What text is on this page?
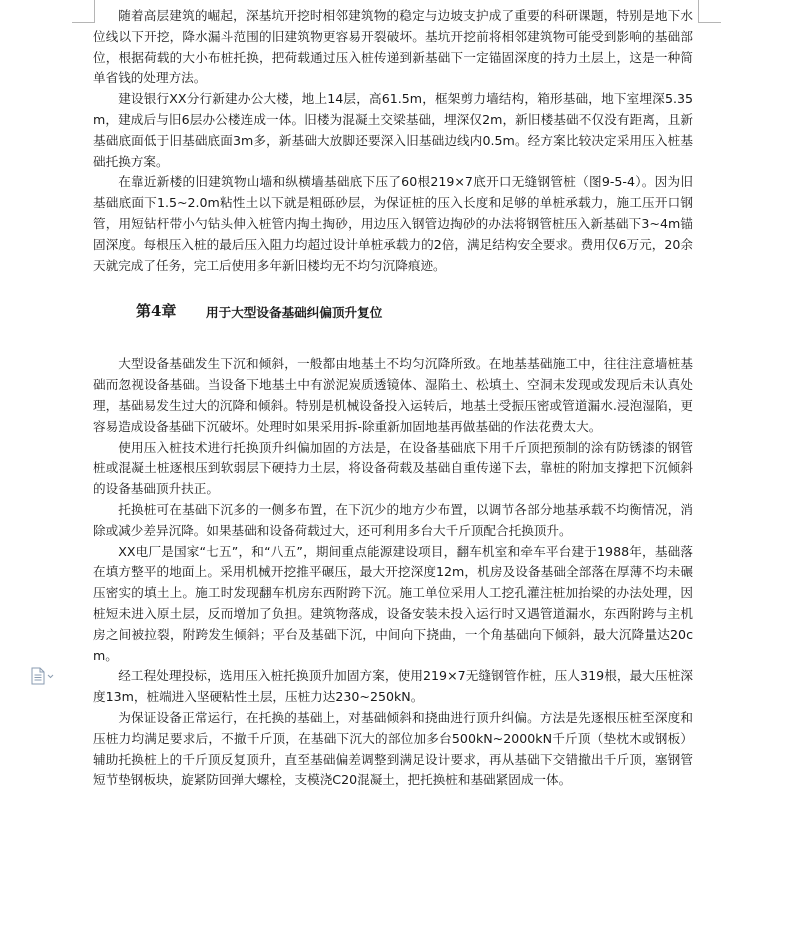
随着高层建筑的崛起，深基坑开挖时相邻建筑物的稳定与边坡支护成了重要的科研课题，特别是地下水位线以下开挖，降水漏斗范围的旧建筑物更容易开裂破坏。基坑开挖前将相邻建筑物可能受到影响的基础部位，根据荷载的大小布桩托换，把荷载通过压入桩传递到新基础下一定锚固深度的持力土层上，这是一种简单省钱的处理方法。

建设银行XX分行新建办公大楼，地上14层，高61.5m，框架剪力墙结构，箱形基础，地下室埋深5.35m，建成后与旧6层办公楼连成一体。旧楼为混凝土交梁基础，埋深仅2m，新旧楼基础不仅没有距离，且新基础底面低于旧基础底面3m多，新基础大放脚还要深入旧基础边线内0.5m。经方案比较决定采用压入桩基础托换方案。

在靠近新楼的旧建筑物山墙和纵横墙基础底下压了60根219×7底开口无缝钢管桩（图9-5-4）。因为旧基础底面下1.5~2.0m粘性土以下就是粗砾砂层，为保证桩的压入长度和足够的单桩承载力，施工压开口钢管，用短钻杆带小勺钻头伸入桩管内掏土掏砂，用边压入钢管边掏砂的办法将钢管桩压入新基础下3~4m锚固深度。每根压入桩的最后压入阻力均超过设计单桩承载力的2倍，满足结构安全要求。费用仅6万元，20余天就完成了任务，完工后使用多年新旧楼均无不均匀沉降痕迹。

第4章 用于大型设备基础纠偏顶升复位

大型设备基础发生下沉和倾斜，一般都由地基土不均匀沉降所致。在地基基础施工中，往往注意墙桩基础而忽视设备基础。当设备下地基土中有淤泥炭质透镜体、湿陷土、松填土、空洞未发现或发现后未认真处理，基础易发生过大的沉降和倾斜。特别是机械设备投入运转后，地基土受振压密或管道漏水.浸泡湿陷，更容易造成设备基础下沉破坏。处理时如果采用拆-除重新加固地基再做基础的作法花费太大。

使用压入桩技术进行托换顶升纠偏加固的方法是，在设备基础底下用千斤顶把预制的涂有防锈漆的钢管桩或混凝土桩逐根压到软弱层下硬持力土层，将设备荷载及基础自重传递下去，靠桩的附加支撑把下沉倾斜的设备基础顶升扶正。

托换桩可在基础下沉多的一侧多布置，在下沉少的地方少布置，以调节各部分地基承载不均衡情况，消除或减少差异沉降。如果基础和设备荷载过大，还可利用多台大千斤顶配合托换顶升。

XX电厂是国家“七五”，和“八五”，期间重点能源建设项目，翻车机室和牵车平台建于1988年，基础落在填方整平的地面上。采用机械开挖推平碾压，最大开挖深度12m，机房及设备基础全部落在厚薄不均未碾压密实的填土上。施工时发现翻车机房东西附跨下沉。施工单位采用人工挖孔灌注桩加抬梁的办法处理，因桩短未进入原土层，反而增加了负担。建筑物落成，设备安装未投入运行时又遇管道漏水，东西附跨与主机房之间被拉裂，附跨发生倾斜；平台及基础下沉，中间向下挠曲，一个角基础向下倾斜，最大沉降量达20cm。

经工程处理投标，选用压入桩托换顶升加固方案，使用219×7无缝钢管作桩，压人319根，最大压桩深度13m，桩端进入坚硬粘性土层，压桩力达230~250kN。

为保证设备正常运行，在托换的基础上，对基础倾斜和挠曲进行顶升纠偏。方法是先逐根压桩至深度和压桩力均满足要求后，不撤千斤顶，在基础下沉大的部位加多台500kN~2000kN千斤顶（垫枕木或钢板）辅助托换桩上的千斤顶反复顶升，直至基础偏差调整到满足设计要求，再从基础下交错撤出千斤顶，塞钢管短节垫钢板块，旋紧防回弹大螺栓，支模浇C20混凝土，把托换桩和基础紧固成一体。
